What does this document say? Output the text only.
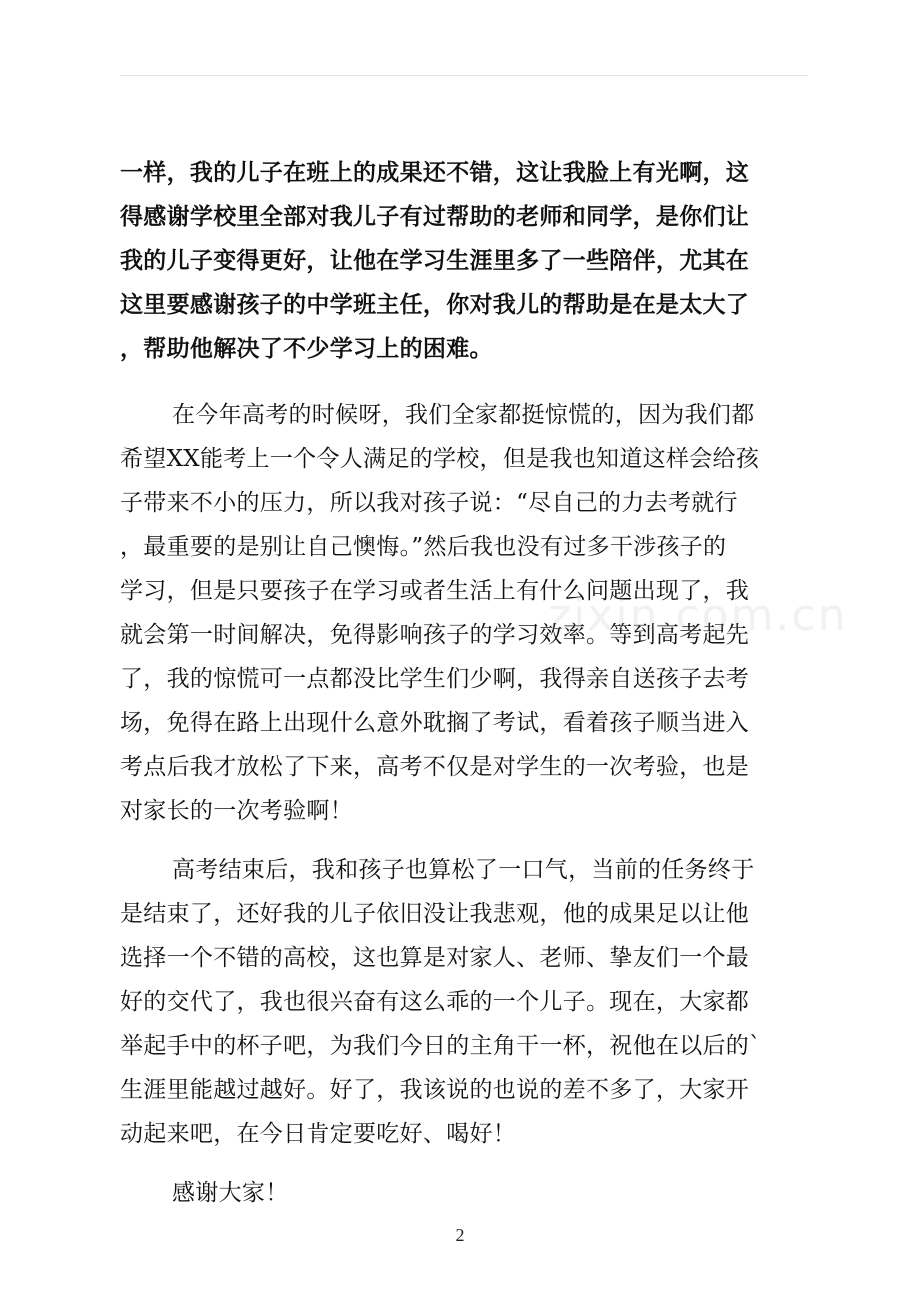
一样，我的儿子在班上的成果还不错，这让我脸上有光啊，这
得感谢学校里全部对我儿子有过帮助的老师和同学，是你们让
我的儿子变得更好，让他在学习生涯里多了一些陪伴，尤其在
这里要感谢孩子的中学班主任，你对我儿的帮助是在是太大了
，帮助他解决了不少学习上的困难。
在今年高考的时候呀，我们全家都挺惊慌的，因为我们都
希望XX能考上一个令人满足的学校，但是我也知道这样会给孩
子带来不小的压力，所以我对孩子说：“尽自己的力去考就行
，最重要的是别让自己懊悔。”然后我也没有过多干涉孩子的
学习，但是只要孩子在学习或者生活上有什么问题出现了，我
就会第一时间解决，免得影响孩子的学习效率。等到高考起先
了，我的惊慌可一点都没比学生们少啊，我得亲自送孩子去考
场，免得在路上出现什么意外耽搁了考试，看着孩子顺当进入
考点后我才放松了下来，高考不仅是对学生的一次考验，也是
对家长的一次考验啊！
高考结束后，我和孩子也算松了一口气，当前的任务终于
是结束了，还好我的儿子依旧没让我悲观，他的成果足以让他
选择一个不错的高校，这也算是对家人、老师、挚友们一个最
好的交代了，我也很兴奋有这么乖的一个儿子。现在，大家都
举起手中的杯子吧，为我们今日的主角干一杯，祝他在以后的`
生涯里能越过越好。好了，我该说的也说的差不多了，大家开
动起来吧，在今日肯定要吃好、喝好！
感谢大家！
zixin.com.cn
2
